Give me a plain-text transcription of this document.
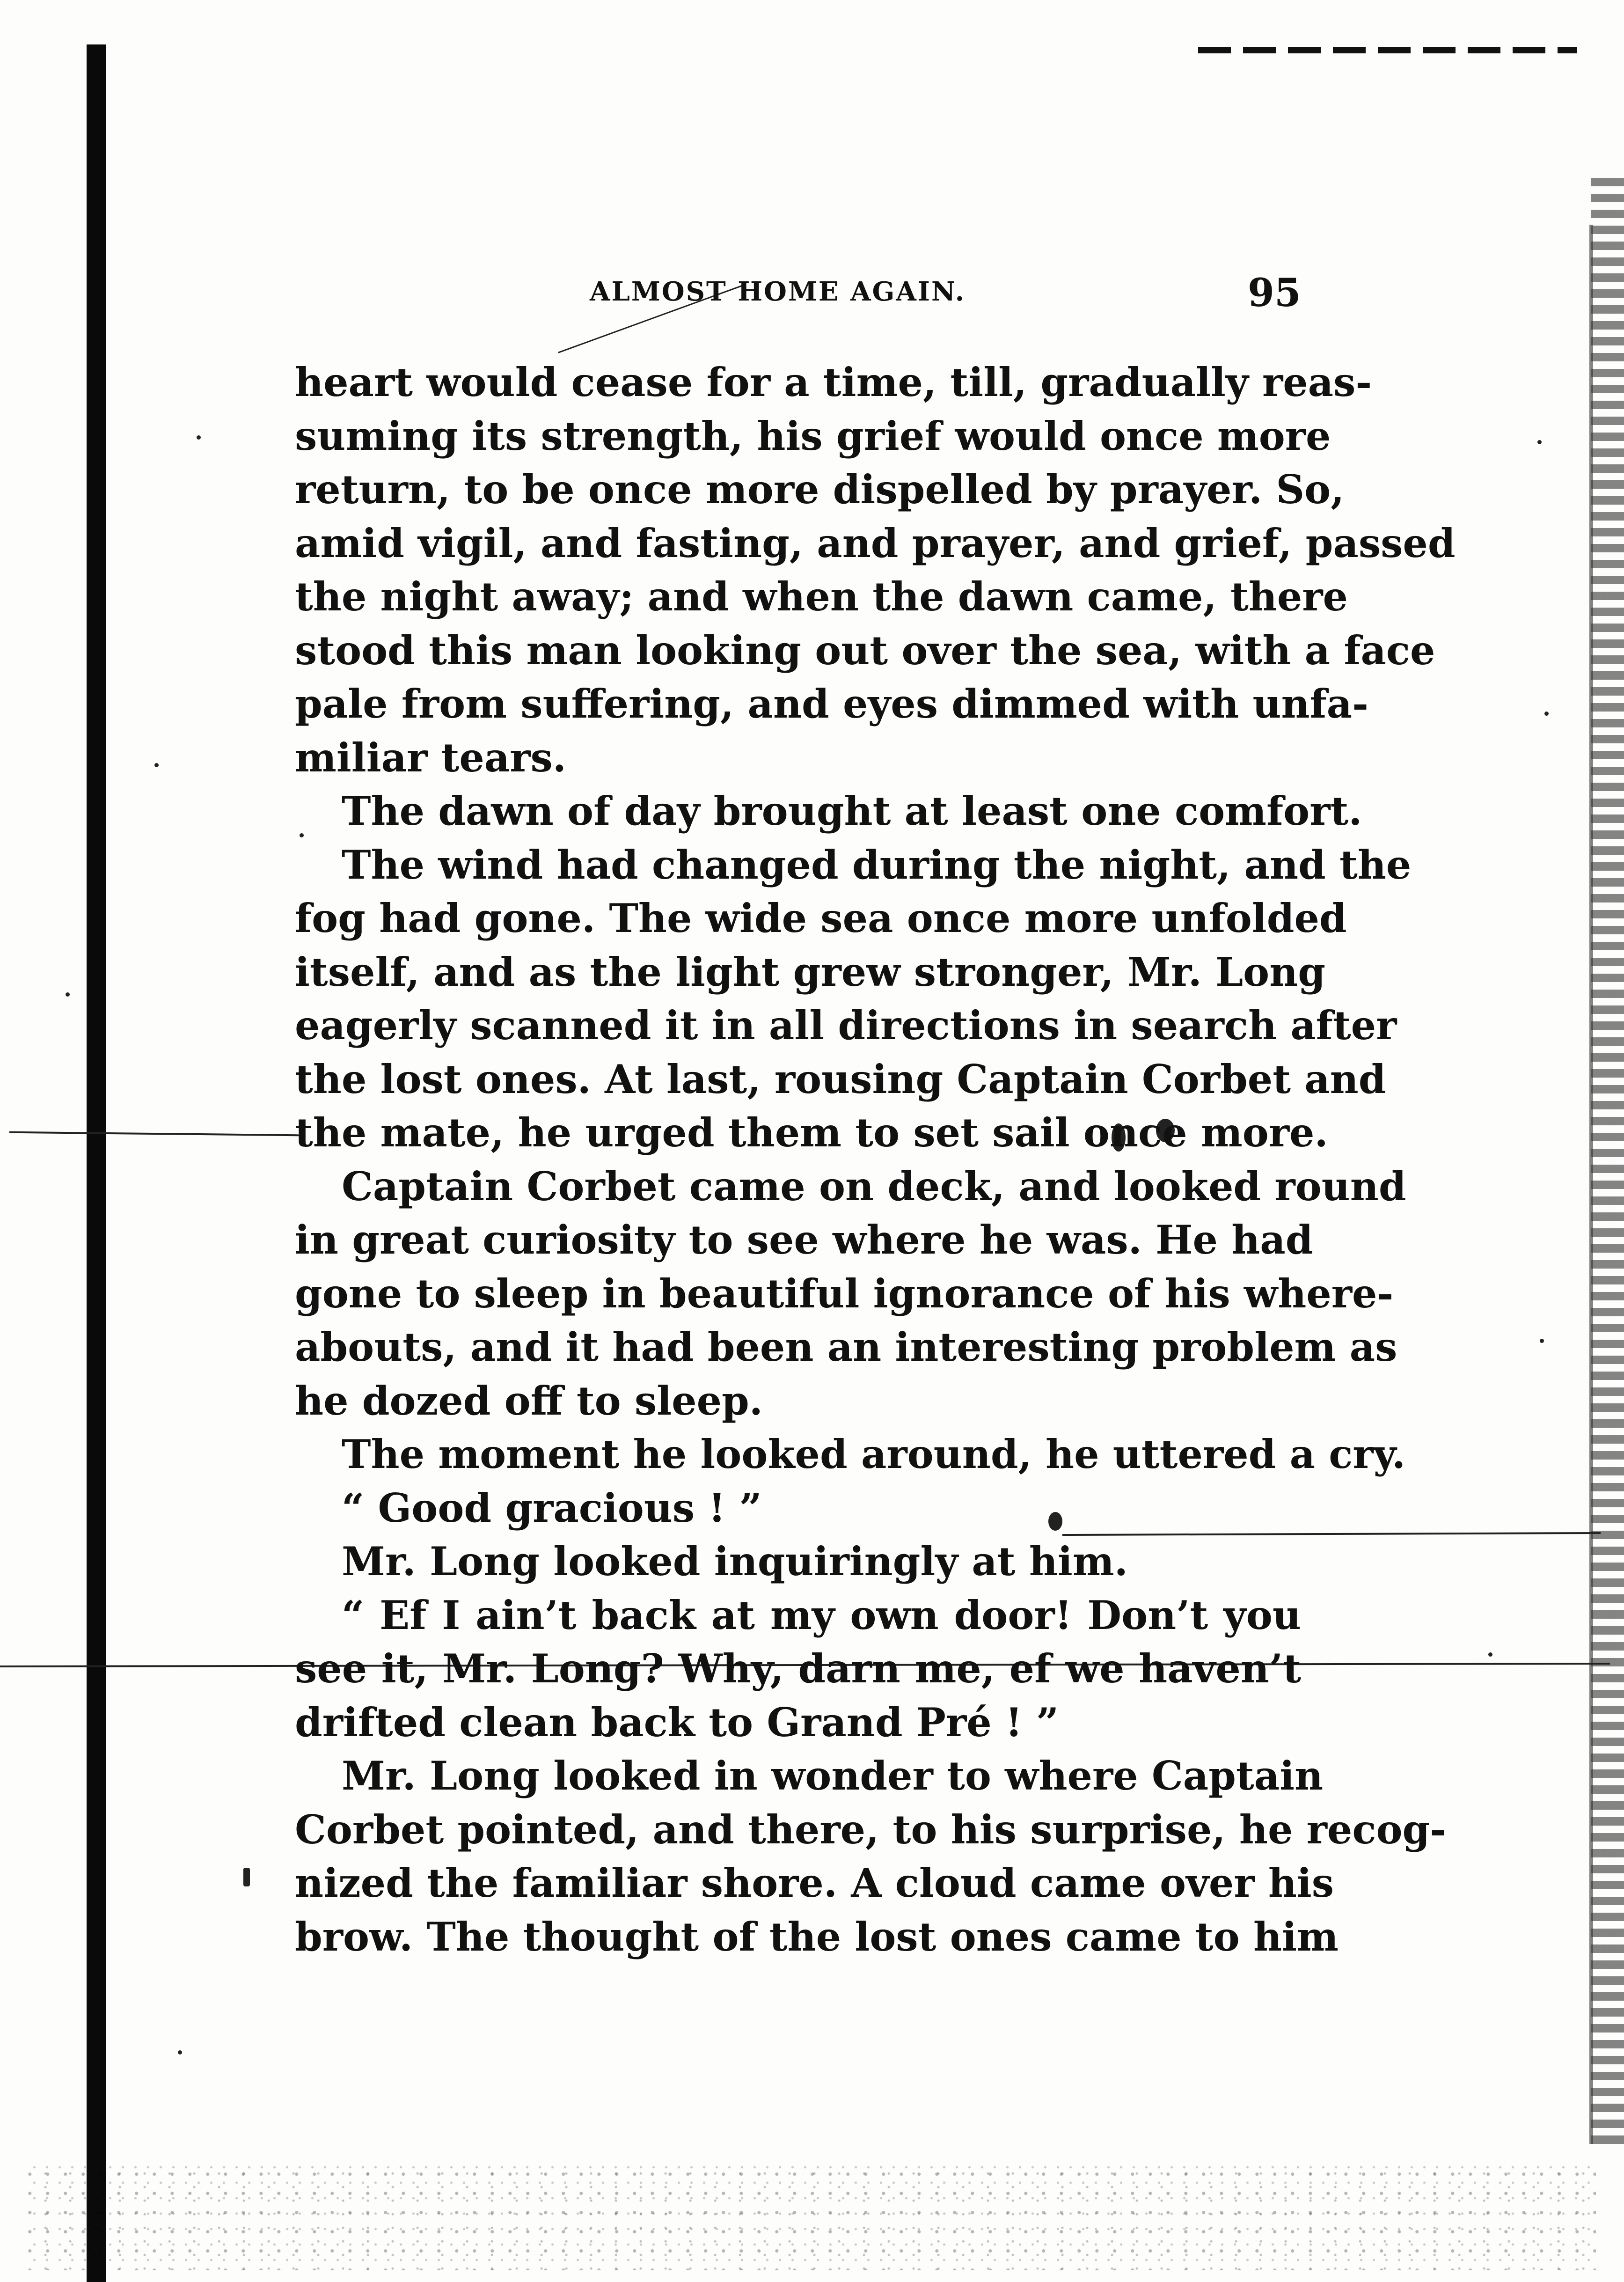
ALMOST HOME AGAIN.	95
heart would cease for a time, till, gradually reas-
suming its strength, his grief would once more
return, to be once more dispelled by prayer. So,
amid vigil, and fasting, and prayer, and grief, passed
the night away; and when the dawn came, there
stood this man looking out over the sea, with a face
pale from suffering, and eyes dimmed with unfa-
miliar tears.
The dawn of day brought at least one comfort.
The wind had changed during the night, and the
fog had gone. The wide sea once more unfolded
itself, and as the light grew stronger, Mr. Long
eagerly scanned it in all directions in search after
the lost ones. At last, rousing Captain Corbet and
the mate, he urged them to set sail once more.
Captain Corbet came on deck, and looked round
in great curiosity to see where he was. He had
gone to sleep in beautiful ignorance of his where-
abouts, and it had been an interesting problem as
he dozed off to sleep.
The moment he looked around, he uttered a cry.
“ Good gracious ! ”
Mr. Long looked inquiringly at him.
“ Ef I ain’t back at my own door! Don’t you
see it, Mr. Long? Why, darn me, ef we haven’t
drifted clean back to Grand Pré ! ”
Mr. Long looked in wonder to where Captain
Corbet pointed, and there, to his surprise, he recog-
nized the familiar shore. A cloud came over his
brow. The thought of the lost ones came to him
